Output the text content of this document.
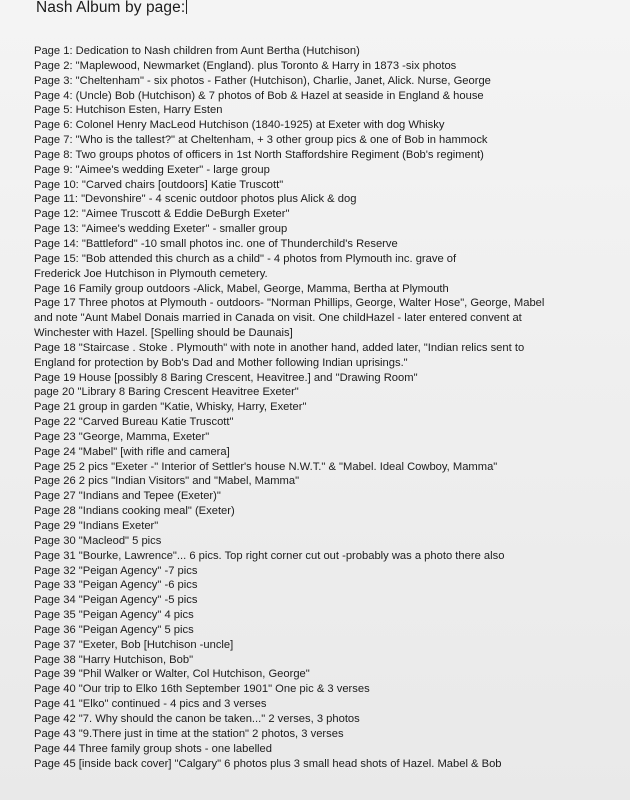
Nash Album by page:
Page 1: Dedication to Nash children from Aunt Bertha (Hutchison)
Page 2: "Maplewood, Newmarket (England). plus Toronto & Harry in 1873 -six photos
Page 3: "Cheltenham" - six photos - Father (Hutchison), Charlie, Janet, Alick. Nurse, George
Page 4: (Uncle) Bob (Hutchison) & 7 photos of Bob & Hazel at seaside in England & house
Page 5: Hutchison Esten, Harry Esten
Page 6: Colonel Henry MacLeod Hutchison (1840-1925) at Exeter with dog Whisky
Page 7: "Who is the tallest?" at Cheltenham, + 3 other group pics & one of Bob in hammock
Page 8: Two groups photos of officers in 1st North Staffordshire Regiment (Bob's regiment)
Page 9: "Aimee's wedding Exeter" - large group
Page 10: "Carved chairs [outdoors] Katie Truscott"
Page 11: "Devonshire" - 4 scenic outdoor photos plus Alick & dog
Page 12: "Aimee Truscott & Eddie DeBurgh Exeter"
Page 13: "Aimee's wedding Exeter" - smaller group
Page 14: "Battleford" -10 small photos inc. one of Thunderchild's Reserve
Page 15: "Bob attended this church as a child" - 4 photos from Plymouth inc. grave of
Frederick Joe Hutchison in Plymouth cemetery.
Page 16 Family group outdoors -Alick, Mabel, George, Mamma, Bertha at Plymouth
Page 17 Three photos at Plymouth - outdoors- "Norman Phillips, George, Walter Hose", George, Mabel
and note "Aunt Mabel Donais married in Canada on visit. One childHazel - later entered convent at
Winchester with Hazel. [Spelling should be Daunais]
Page 18 "Staircase . Stoke . Plymouth" with note in another hand, added later, "Indian relics sent to
England for protection by Bob's Dad and Mother following Indian uprisings."
Page 19 House [possibly 8 Baring Crescent, Heavitree.] and "Drawing Room"
page 20 "Library 8 Baring Crescent Heavitree Exeter"
Page 21 group in garden "Katie, Whisky, Harry, Exeter"
Page 22 "Carved Bureau Katie Truscott"
Page 23 "George, Mamma, Exeter"
Page 24 "Mabel" [with rifle and camera]
Page 25 2 pics "Exeter -" Interior of Settler's house N.W.T." & "Mabel. Ideal Cowboy, Mamma"
Page 26 2 pics "Indian Visitors" and "Mabel, Mamma"
Page 27 "Indians and Tepee (Exeter)"
Page 28 "Indians cooking meal" (Exeter)
Page 29 "Indians Exeter"
Page 30 "Macleod" 5 pics
Page 31 "Bourke, Lawrence"... 6 pics. Top right corner cut out -probably was a photo there also
Page 32 "Peigan Agency" -7 pics
Page 33 "Peigan Agency" -6 pics
Page 34 "Peigan Agency" -5 pics
Page 35 "Peigan Agency" 4 pics
Page 36 "Peigan Agency" 5 pics
Page 37 "Exeter, Bob [Hutchison -uncle]
Page 38 "Harry Hutchison, Bob"
Page 39 "Phil Walker or Walter, Col Hutchison, George"
Page 40 "Our trip to Elko 16th September 1901" One pic & 3 verses
Page 41 "Elko" continued - 4 pics and 3 verses
Page 42 "7. Why should the canon be taken..." 2 verses, 3 photos
Page 43 "9.There just in time at the station" 2 photos, 3 verses
Page 44 Three family group shots - one labelled
Page 45 [inside back cover] "Calgary" 6 photos plus 3 small head shots of Hazel. Mabel & Bob
